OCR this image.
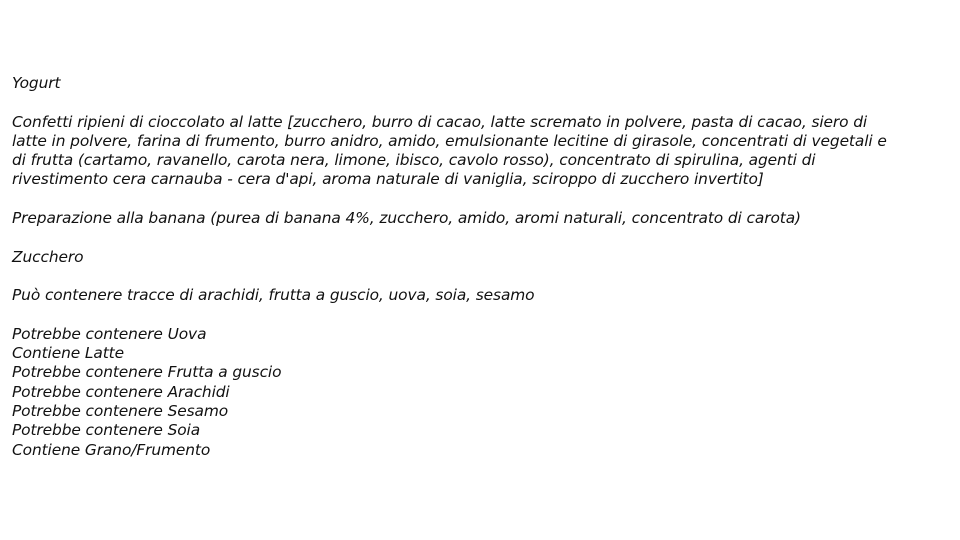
Yogurt

Confetti ripieni di cioccolato al latte [zucchero, burro di cacao, latte scremato in polvere, pasta di cacao, siero di
latte in polvere, farina di frumento, burro anidro, amido, emulsionante lecitine di girasole, concentrati di vegetali e
di frutta (cartamo, ravanello, carota nera, limone, ibisco, cavolo rosso), concentrato di spirulina, agenti di
rivestimento cera carnauba - cera d'api, aroma naturale di vaniglia, sciroppo di zucchero invertito]

Preparazione alla banana (purea di banana 4%, zucchero, amido, aromi naturali, concentrato di carota)

Zucchero

Può contenere tracce di arachidi, frutta a guscio, uova, soia, sesamo

Potrebbe contenere Uova
Contiene Latte
Potrebbe contenere Frutta a guscio
Potrebbe contenere Arachidi
Potrebbe contenere Sesamo
Potrebbe contenere Soia
Contiene Grano/Frumento
